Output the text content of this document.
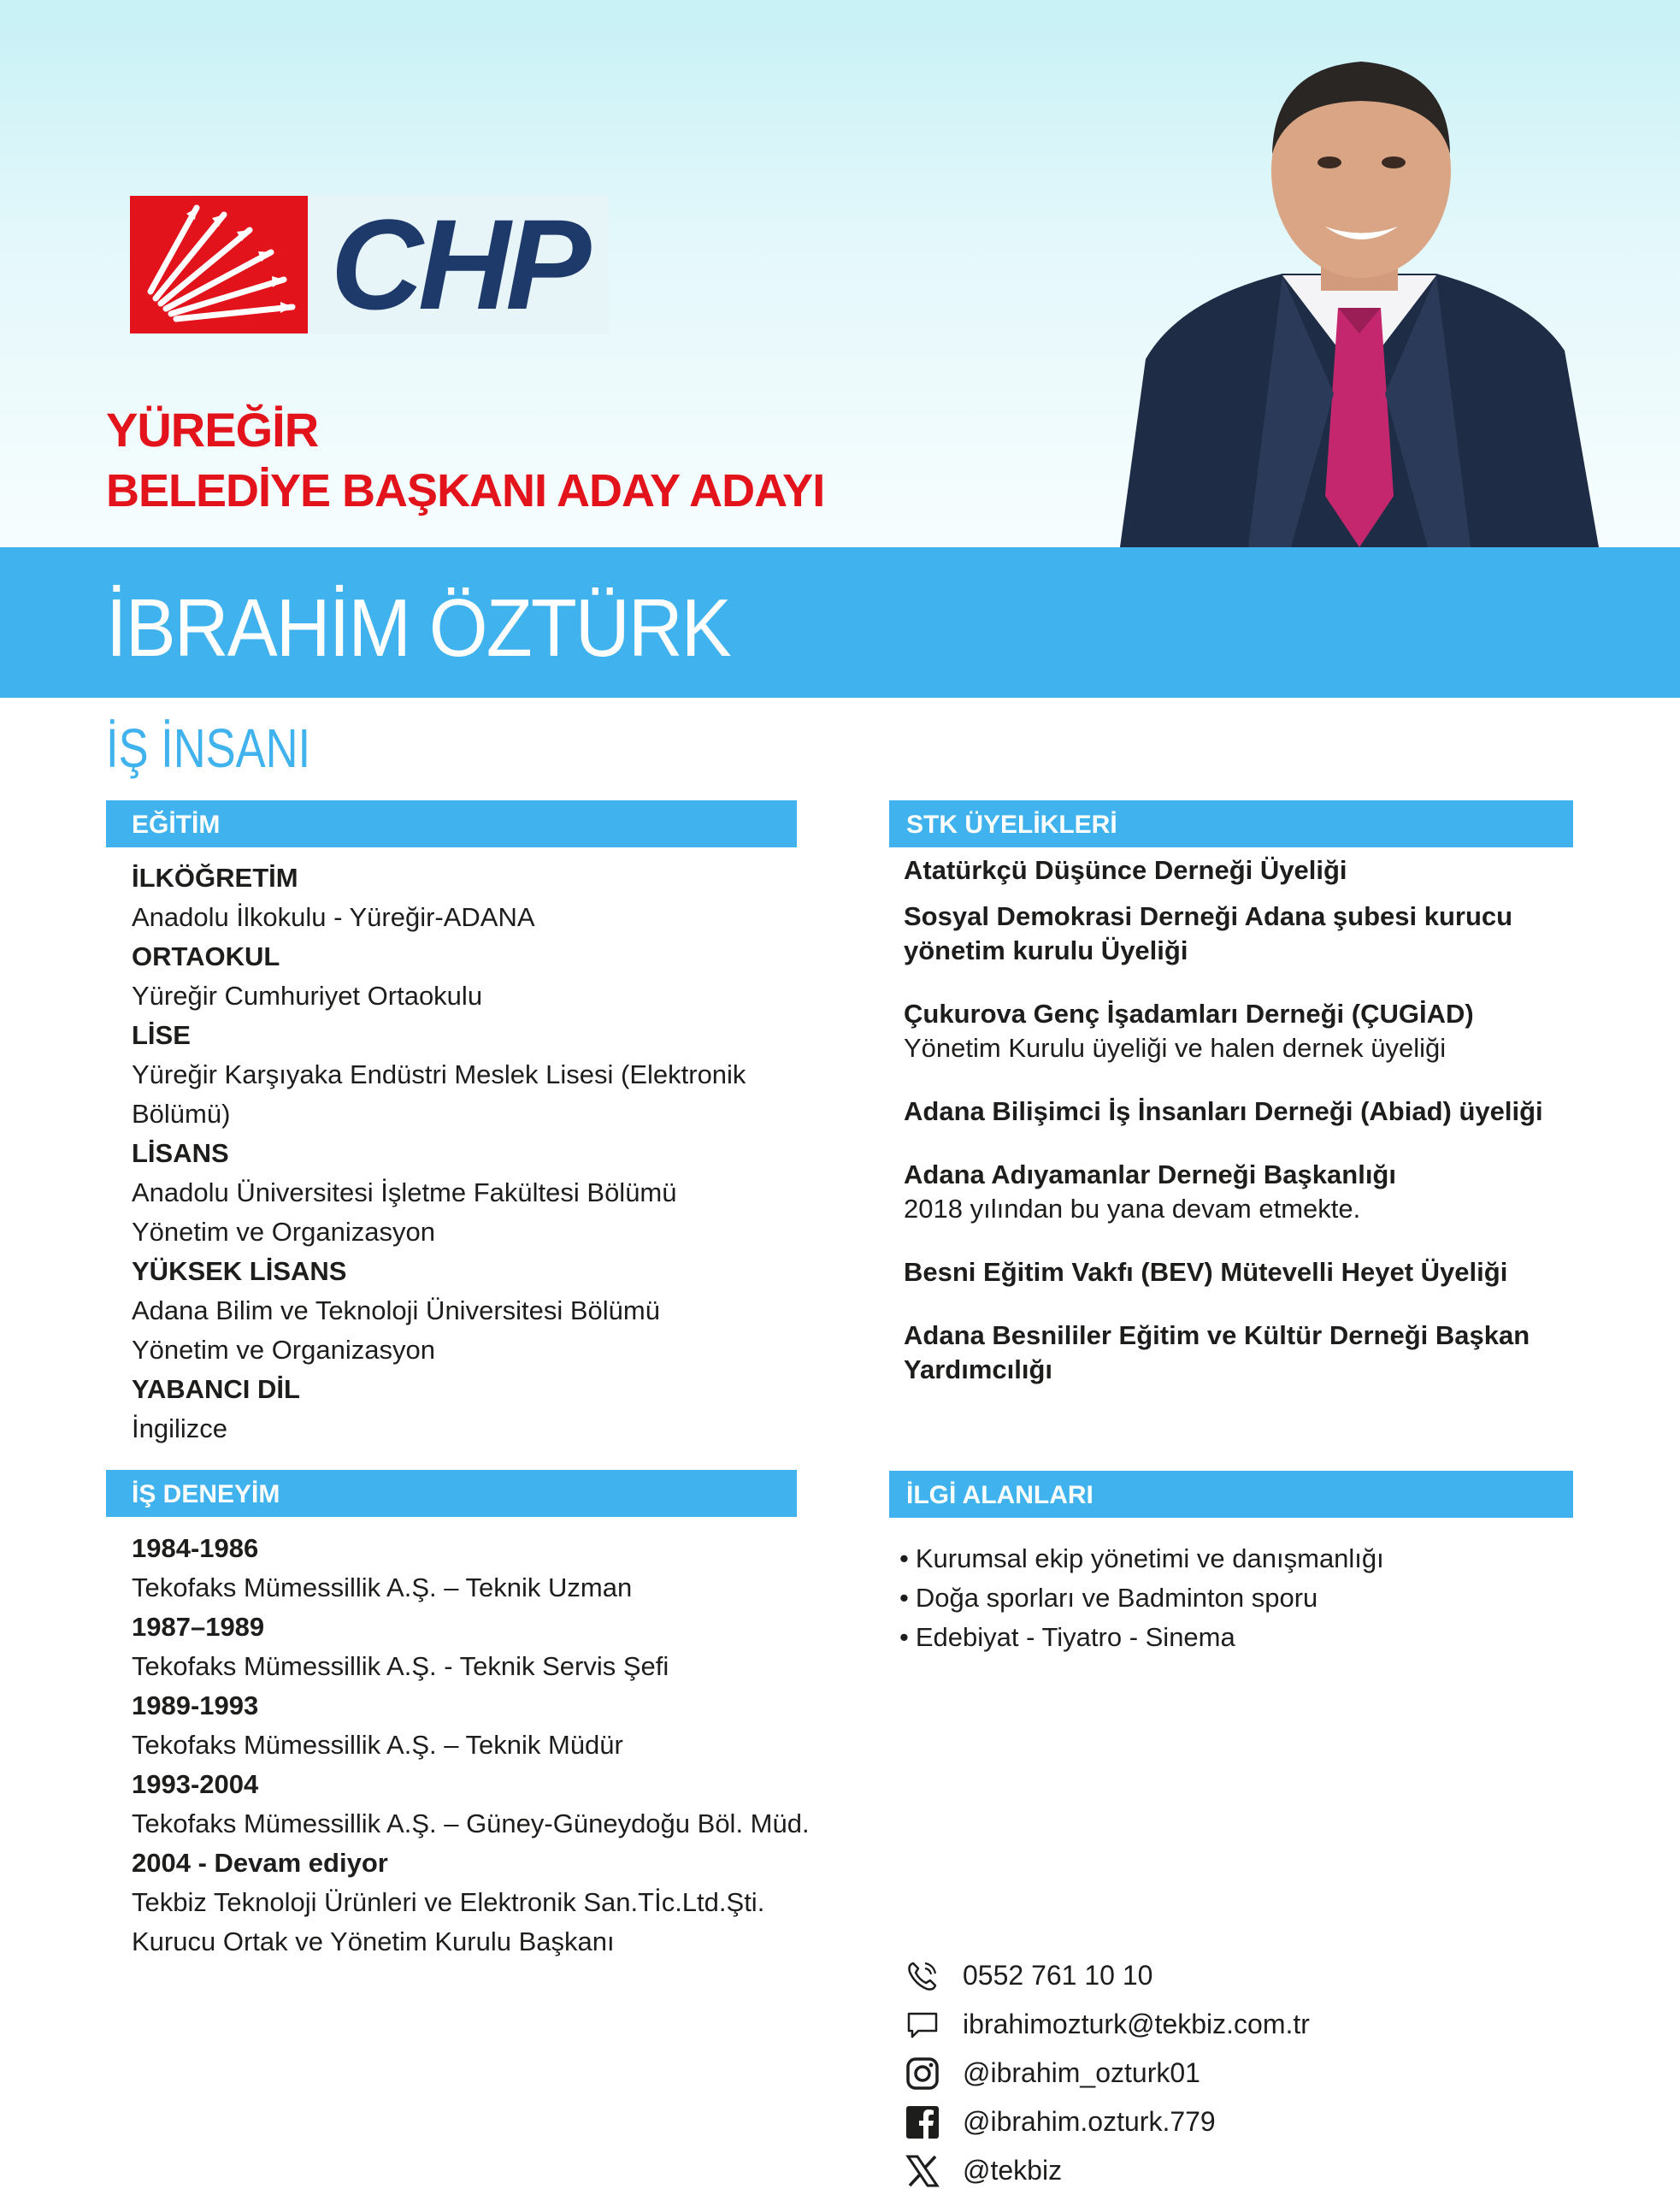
CHP
YÜREĞİR
BELEDİYE BAŞKANI ADAY ADAYI
İBRAHİM ÖZTÜRK
İŞ İNSANI
EĞİTİM
İLKÖĞRETİM
Anadolu İlkokulu - Yüreğir-ADANA
ORTAOKUL
Yüreğir Cumhuriyet Ortaokulu
LİSE
Yüreğir Karşıyaka Endüstri Meslek Lisesi (Elektronik
Bölümü)
LİSANS
Anadolu Üniversitesi İşletme Fakültesi Bölümü
Yönetim ve Organizasyon
YÜKSEK LİSANS
Adana Bilim ve Teknoloji Üniversitesi Bölümü
Yönetim ve Organizasyon
YABANCI DİL
İngilizce
İŞ DENEYİM
1984-1986
Tekofaks Mümessillik A.Ş. – Teknik Uzman
1987–1989
Tekofaks Mümessillik A.Ş. - Teknik Servis Şefi
1989-1993
Tekofaks Mümessillik A.Ş. – Teknik Müdür
1993-2004
Tekofaks Mümessillik A.Ş. – Güney-Güneydoğu Böl. Müd.
2004 - Devam ediyor
Tekbiz Teknoloji Ürünleri ve Elektronik San.Tİc.Ltd.Şti.
Kurucu Ortak ve Yönetim Kurulu Başkanı
STK ÜYELİKLERİ
Atatürkçü Düşünce Derneği Üyeliği
Sosyal Demokrasi Derneği Adana şubesi kurucu
yönetim kurulu Üyeliği
Çukurova Genç İşadamları Derneği (ÇUGİAD)
Yönetim Kurulu üyeliği ve halen dernek üyeliği
Adana Bilişimci İş İnsanları Derneği (Abiad) üyeliği
Adana Adıyamanlar Derneği Başkanlığı
2018 yılından bu yana devam etmekte.
Besni Eğitim Vakfı (BEV) Mütevelli Heyet Üyeliği
Adana Besnililer Eğitim ve Kültür Derneği Başkan
Yardımcılığı
İLGİ ALANLARI
• Kurumsal ekip yönetimi ve danışmanlığı
• Doğa sporları ve Badminton sporu
• Edebiyat - Tiyatro - Sinema
0552 761 10 10
ibrahimozturk@tekbiz.com.tr
@ibrahim_ozturk01
@ibrahim.ozturk.779
@tekbiz
